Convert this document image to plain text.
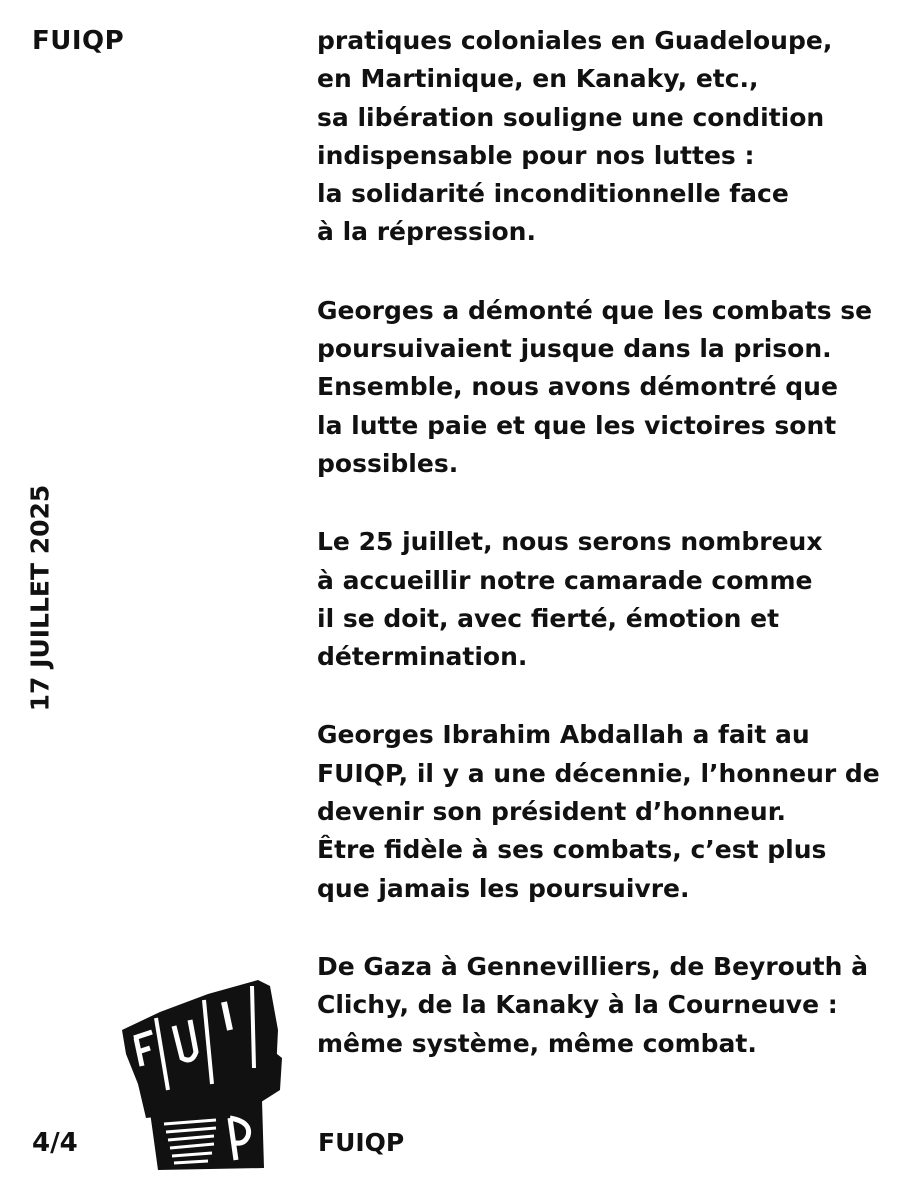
FUIQP
17 JUILLET 2025
pratiques coloniales en Guadeloupe,
en Martinique, en Kanaky, etc.,
sa libération souligne une condition
indispensable pour nos luttes :
la solidarité inconditionnelle face
à la répression.
Georges a démonté que les combats se
poursuivaient jusque dans la prison.
Ensemble, nous avons démontré que
la lutte paie et que les victoires sont
possibles.
Le 25 juillet, nous serons nombreux
à accueillir notre camarade comme
il se doit, avec fierté, émotion et
détermination.
Georges Ibrahim Abdallah a fait au
FUIQP, il y a une décennie, l’honneur de
devenir son président d’honneur.
Être fidèle à ses combats, c’est plus
que jamais les poursuivre.
De Gaza à Gennevilliers, de Beyrouth à
Clichy, de la Kanaky à la Courneuve :
même système, même combat.
4/4	FUIQP
